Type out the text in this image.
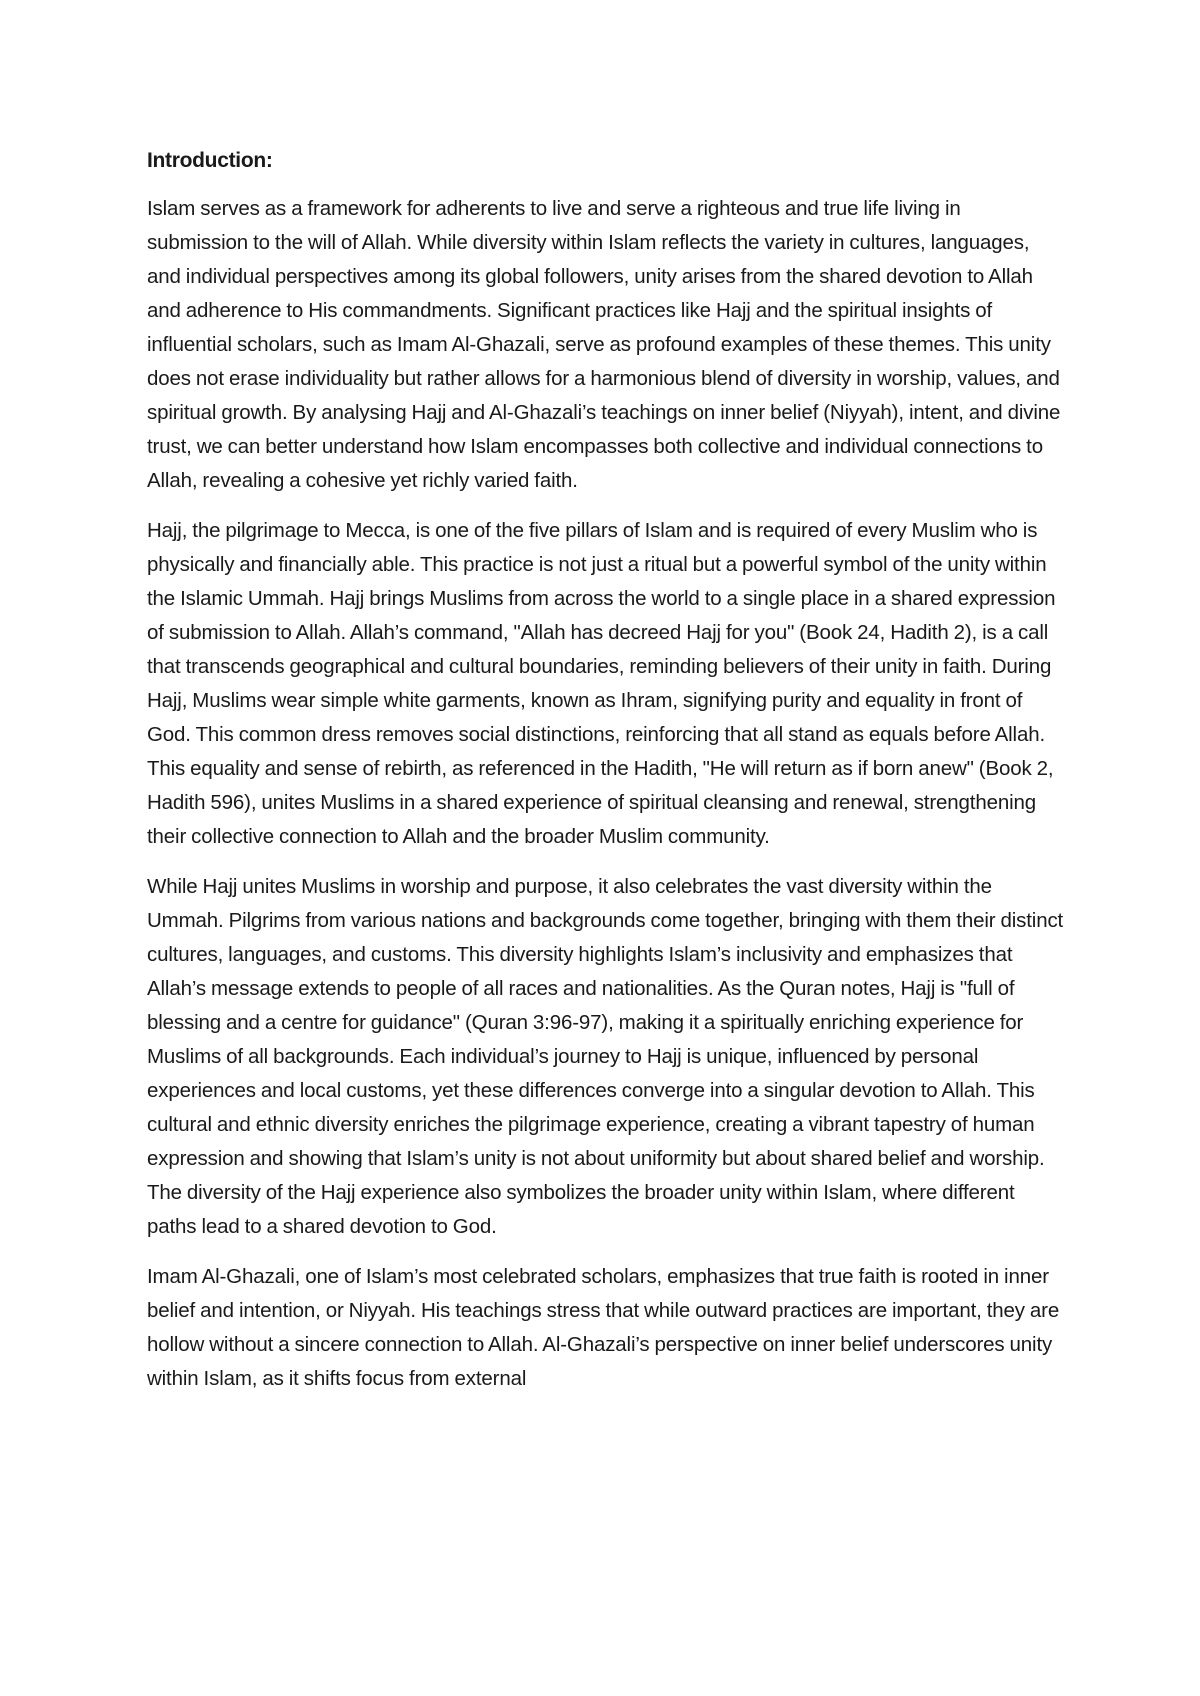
Introduction:

Islam serves as a framework for adherents to live and serve a righteous and true life living in submission to the will of Allah. While diversity within Islam reflects the variety in cultures, languages, and individual perspectives among its global followers, unity arises from the shared devotion to Allah and adherence to His commandments. Significant practices like Hajj and the spiritual insights of influential scholars, such as Imam Al-Ghazali, serve as profound examples of these themes. This unity does not erase individuality but rather allows for a harmonious blend of diversity in worship, values, and spiritual growth. By analysing Hajj and Al-Ghazali’s teachings on inner belief (Niyyah), intent, and divine trust, we can better understand how Islam encompasses both collective and individual connections to Allah, revealing a cohesive yet richly varied faith.

Hajj, the pilgrimage to Mecca, is one of the five pillars of Islam and is required of every Muslim who is physically and financially able. This practice is not just a ritual but a powerful symbol of the unity within the Islamic Ummah. Hajj brings Muslims from across the world to a single place in a shared expression of submission to Allah. Allah’s command, "Allah has decreed Hajj for you" (Book 24, Hadith 2), is a call that transcends geographical and cultural boundaries, reminding believers of their unity in faith. During Hajj, Muslims wear simple white garments, known as Ihram, signifying purity and equality in front of God. This common dress removes social distinctions, reinforcing that all stand as equals before Allah. This equality and sense of rebirth, as referenced in the Hadith, "He will return as if born anew" (Book 2, Hadith 596), unites Muslims in a shared experience of spiritual cleansing and renewal, strengthening their collective connection to Allah and the broader Muslim community.

While Hajj unites Muslims in worship and purpose, it also celebrates the vast diversity within the Ummah. Pilgrims from various nations and backgrounds come together, bringing with them their distinct cultures, languages, and customs. This diversity highlights Islam’s inclusivity and emphasizes that Allah’s message extends to people of all races and nationalities. As the Quran notes, Hajj is "full of blessing and a centre for guidance" (Quran 3:96-97), making it a spiritually enriching experience for Muslims of all backgrounds. Each individual’s journey to Hajj is unique, influenced by personal experiences and local customs, yet these differences converge into a singular devotion to Allah. This cultural and ethnic diversity enriches the pilgrimage experience, creating a vibrant tapestry of human expression and showing that Islam’s unity is not about uniformity but about shared belief and worship. The diversity of the Hajj experience also symbolizes the broader unity within Islam, where different paths lead to a shared devotion to God.

Imam Al-Ghazali, one of Islam’s most celebrated scholars, emphasizes that true faith is rooted in inner belief and intention, or Niyyah. His teachings stress that while outward practices are important, they are hollow without a sincere connection to Allah. Al-Ghazali’s perspective on inner belief underscores unity within Islam, as it shifts focus from external
